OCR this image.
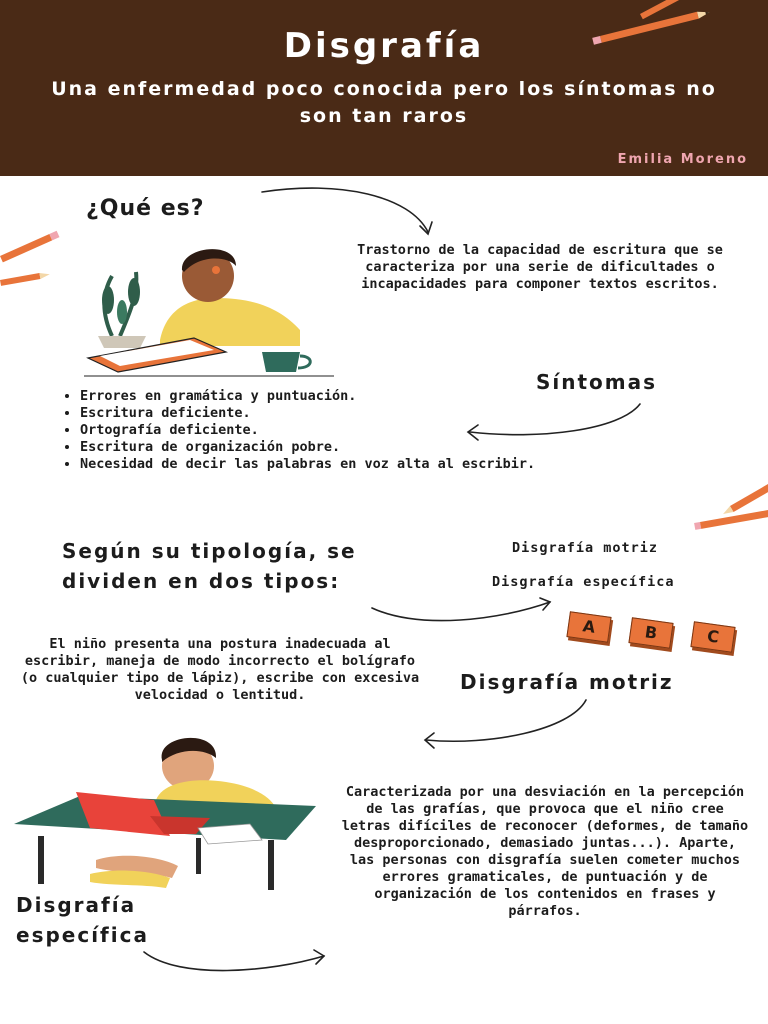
Disgrafía
Una enfermedad poco conocida pero los síntomas no son tan raros
Emilia Moreno
¿Qué es?
Trastorno de la capacidad de escritura que se caracteriza por una serie de dificultades o incapacidades para componer textos escritos.
Síntomas
• Errores en gramática y puntuación.
• Escritura deficiente.
• Ortografía deficiente.
• Escritura de organización pobre.
• Necesidad de decir las palabras en voz alta al escribir.
Según su tipología, se dividen en dos tipos:
Disgrafía motriz
Disgrafía específica
A	B	C
El niño presenta una postura inadecuada al escribir, maneja de modo incorrecto el bolígrafo (o cualquier tipo de lápiz), escribe con excesiva velocidad o lentitud.
Disgrafía motriz
Disgrafía específica
Caracterizada por una desviación en la percepción de las grafías, que provoca que el niño cree letras difíciles de reconocer (deformes, de tamaño desproporcionado, demasiado juntas...). Aparte, las personas con disgrafía suelen cometer muchos errores gramaticales, de puntuación y de organización de los contenidos en frases y párrafos.
